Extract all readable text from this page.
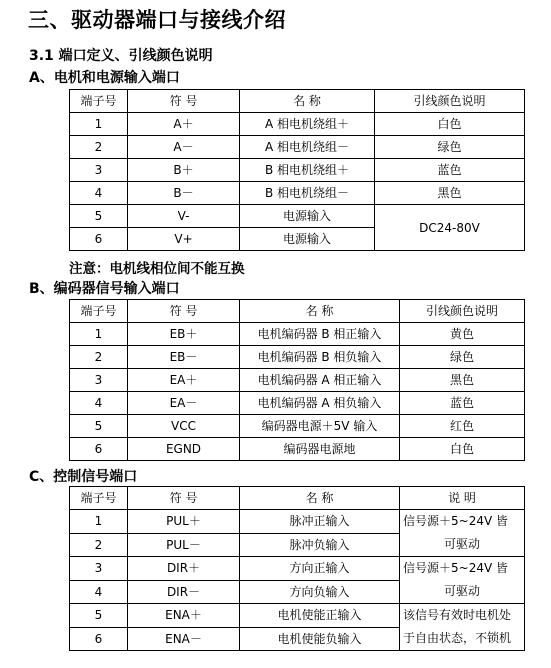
三、驱动器端口与接线介绍
3.1 端口定义、引线颜色说明
A、电机和电源输入端口
端子号	符 号	名 称	引线颜色说明
1	A＋	A 相电机绕组＋	白色
2	A－	A 相电机绕组－	绿色
3	B＋	B 相电机绕组＋	蓝色
4	B－	B 相电机绕组－	黑色
5	V-	电源输入	DC24-80V
6	V+	电源输入	
注意：电机线相位间不能互换
B、编码器信号输入端口
端子号	符 号	名 称	引线颜色说明
1	EB＋	电机编码器 B 相正输入	黄色
2	EB－	电机编码器 B 相负输入	绿色
3	EA＋	电机编码器 A 相正输入	黑色
4	EA－	电机编码器 A 相负输入	蓝色
5	VCC	编码器电源＋5V 输入	红色
6	EGND	编码器电源地	白色
C、控制信号端口
端子号	符 号	名 称	说 明
1	PUL＋	脉冲正输入	信号源＋5~24V 皆
可驱动

2	PUL－	脉冲负输入	
3	DIR＋	方向正输入	信号源＋5~24V 皆
可驱动

4	DIR－	方向负输入	
5	ENA＋	电机使能正输入	该信号有效时电机处
于自由状态，不锁机

6	ENA－	电机使能负输入	
